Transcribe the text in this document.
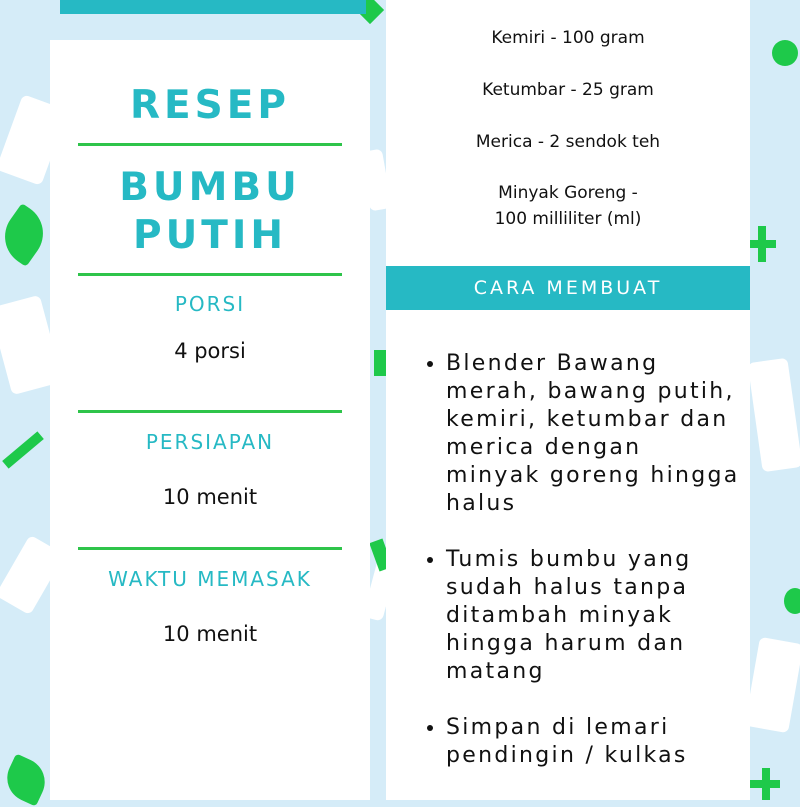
RESEP
BUMBU
PUTIH
PORSI
4 porsi
PERSIAPAN
10 menit
WAKTU MEMASAK
10 menit
Kemiri - 100 gram
Ketumbar - 25 gram
Merica - 2 sendok teh
Minyak Goreng -
100 milliliter (ml)
CARA MEMBUAT
• Blender Bawang merah, bawang putih, kemiri, ketumbar dan merica dengan minyak goreng hingga halus
• Tumis bumbu yang sudah halus tanpa ditambah minyak hingga harum dan matang
• Simpan di lemari pendingin / kulkas
